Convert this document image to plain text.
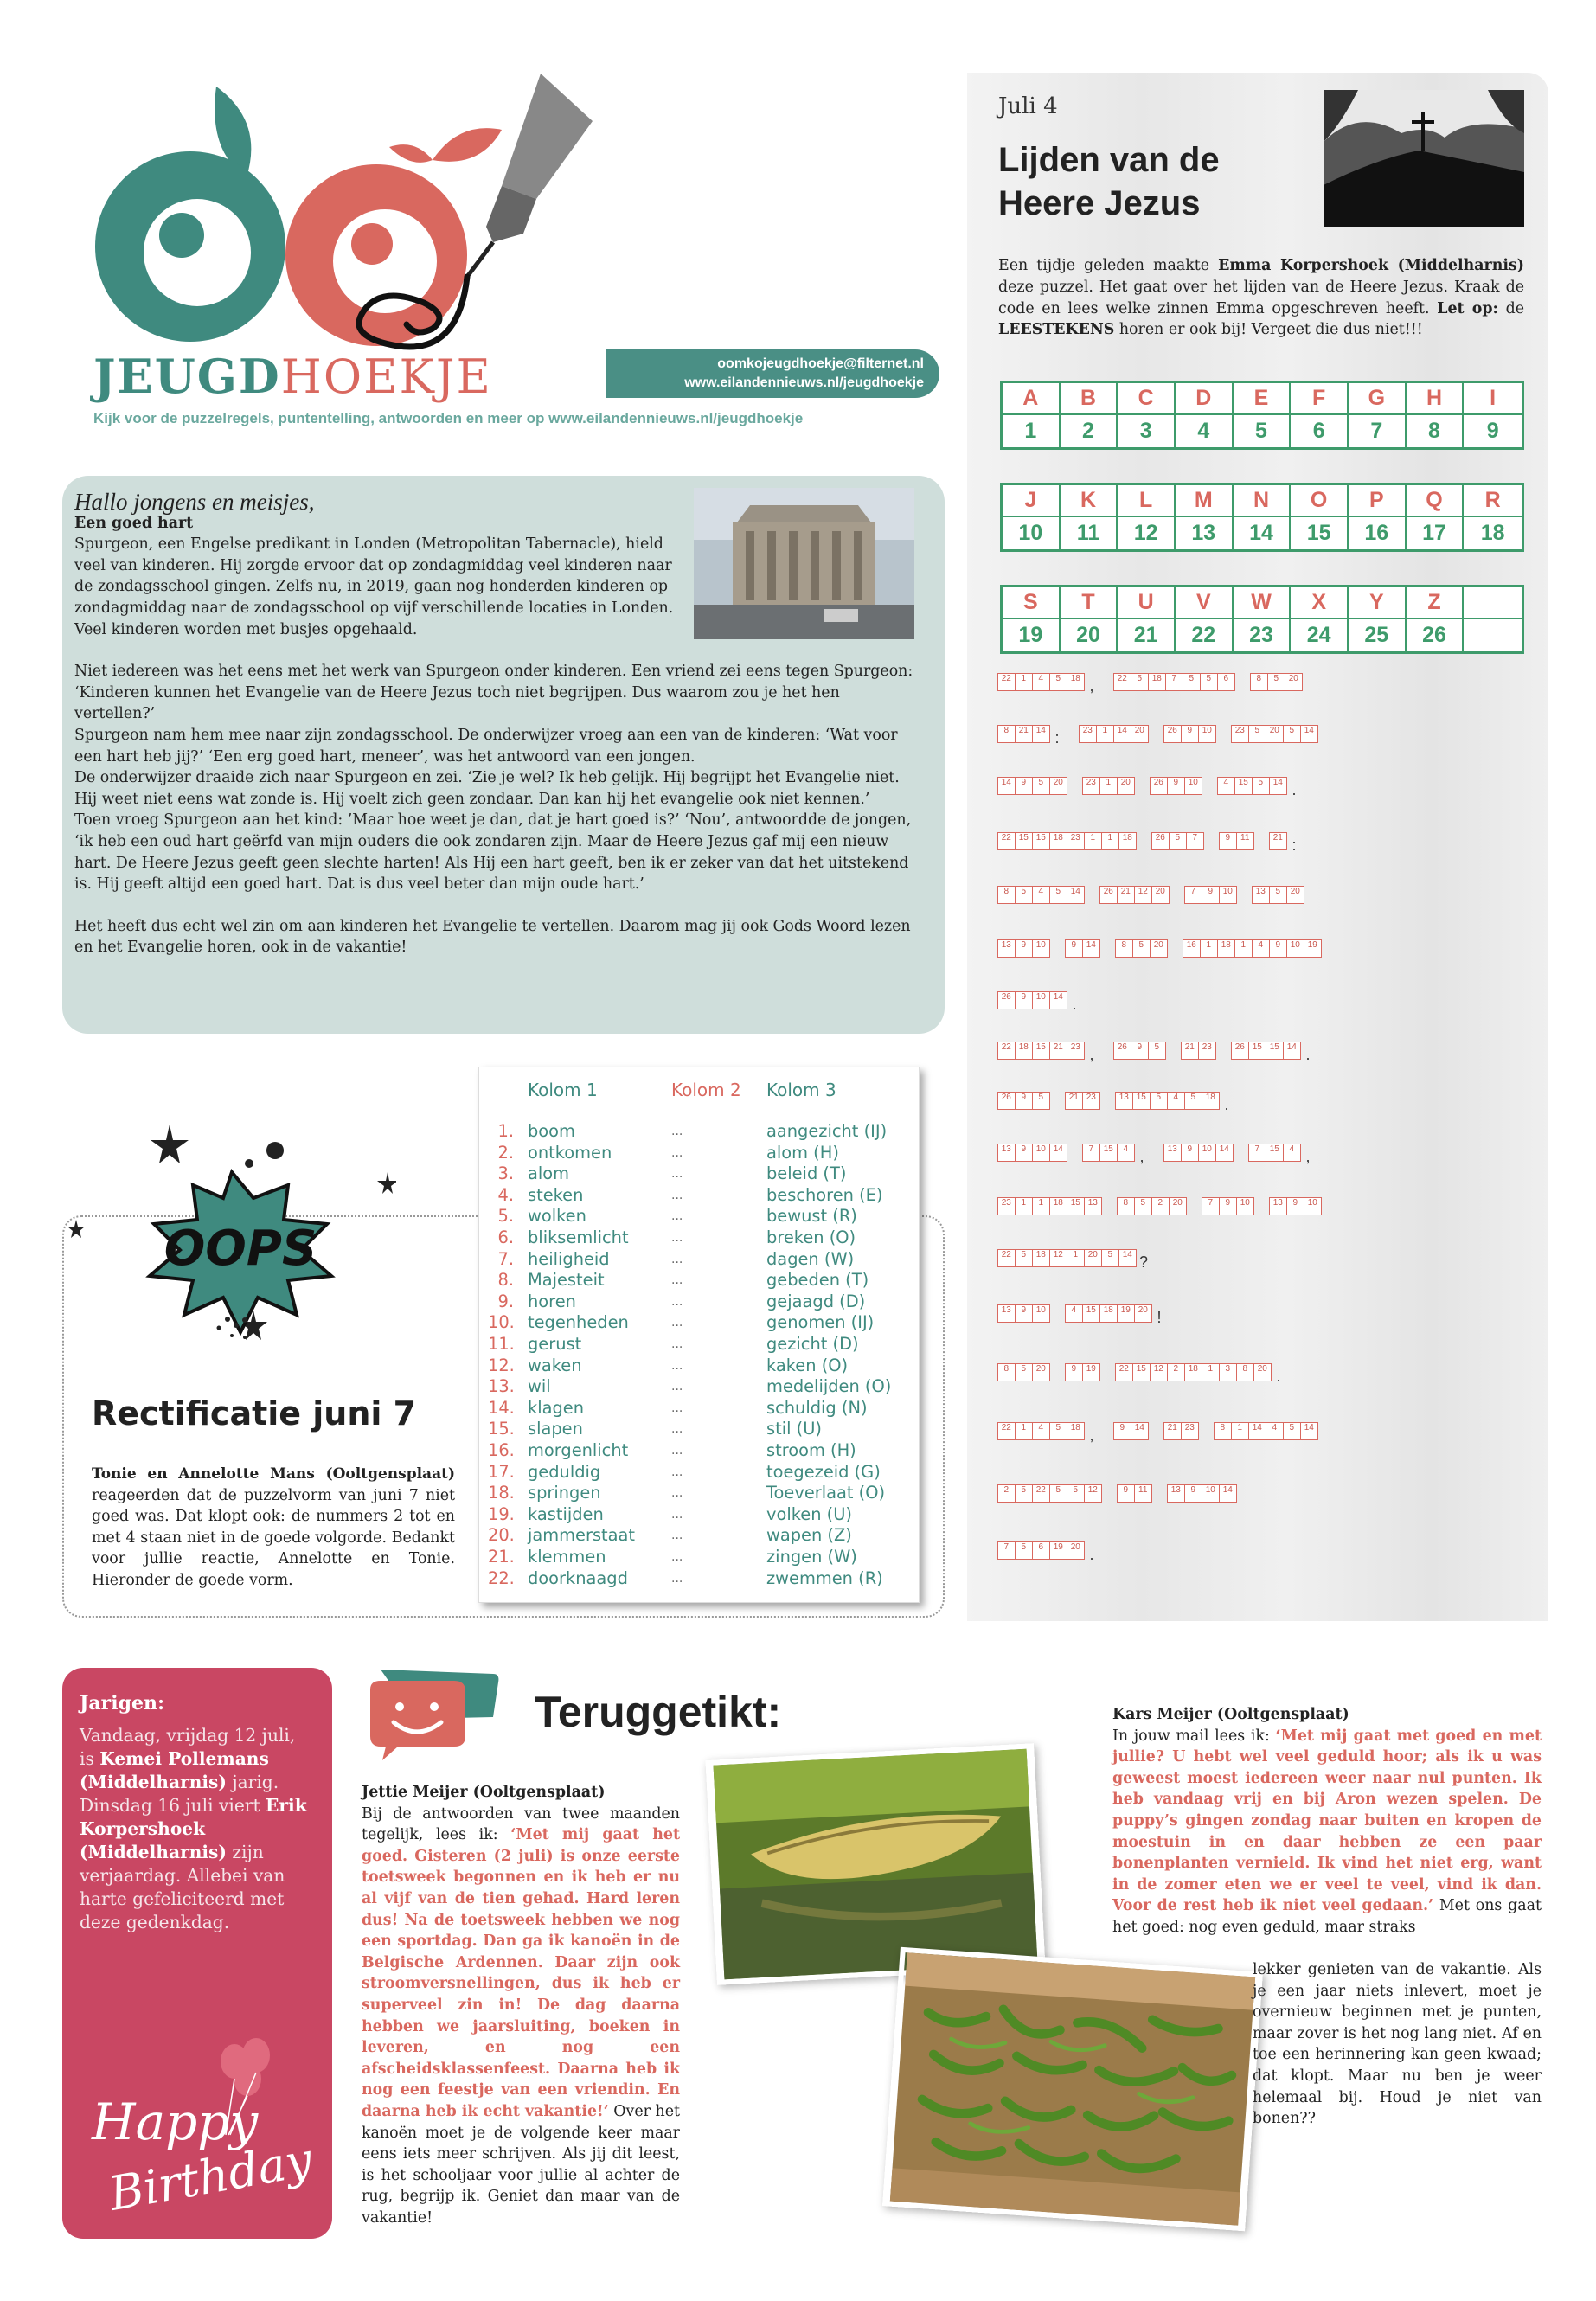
JEUGDHOEKJE	oomkojeugdhoekje@filternet.nl
www.eilandennieuws.nl/jeugdhoekje
Kijk voor de puzzelregels, puntentelling, antwoorden en meer op www.eilandennieuws.nl/jeugdhoekje

Hallo jongens en meisjes,

Een goed hart

Spurgeon, een Engelse predikant in Londen (Metropolitan Tabernacle), hield veel van kinderen. Hij zorgde ervoor dat op zondagmiddag veel kinderen naar de zondagsschool gingen. Zelfs nu, in 2019, gaan nog honderden kinderen op zondagmiddag naar de zondagsschool op vijf verschillende locaties in Londen. Veel kinderen worden met busjes opgehaald.

Niet iedereen was het eens met het werk van Spurgeon onder kinderen. Een vriend zei eens tegen Spurgeon: ‘Kinderen kunnen het Evangelie van de Heere Jezus toch niet begrijpen. Dus waarom zou je het hen vertellen?’

Spurgeon nam hem mee naar zijn zondagsschool. De onderwijzer vroeg aan een van de kinderen: ‘Wat voor een hart heb jij?’ ‘Een erg goed hart, meneer’, was het antwoord van een jongen.

De onderwijzer draaide zich naar Spurgeon en zei. ‘Zie je wel? Ik heb gelijk. Hij begrijpt het Evangelie niet. Hij weet niet eens wat zonde is. Hij voelt zich geen zondaar. Dan kan hij het evangelie ook niet kennen.’

Toen vroeg Spurgeon aan het kind: ’Maar hoe weet je dan, dat je hart goed is?’ ‘Nou’, antwoordde de jongen, ‘ik heb een oud hart geërfd van mijn ouders die ook zondaren zijn. Maar de Heere Jezus gaf mij een nieuw hart. De Heere Jezus geeft geen slechte harten! Als Hij een hart geeft, ben ik er zeker van dat het uitstekend is. Hij geeft altijd een goed hart. Dat is dus veel beter dan mijn oude hart.’

Het heeft dus echt wel zin om aan kinderen het Evangelie te vertellen. Daarom mag jij ook Gods Woord lezen en het Evangelie horen, ook in de vakantie!

OOPS
Rectificatie juni 7
Tonie en Annelotte Mans (Ooltgensplaat) reageerden dat de puzzelvorm van juni 7 niet goed was. Dat klopt ook: de nummers 2 tot en met 4 staan niet in de goede volgorde. Bedankt voor jullie reactie, Annelotte en Tonie. Hieronder de goede vorm.
Kolom 1	Kolom 2 Kolom 3
1. boom	...	aangezicht (IJ)
2. ontkomen	...	alom (H)
3. alom	...	beleid (T)
4. steken	...	beschoren (E)
5. wolken	...	bewust (R)
6. bliksemlicht	...	breken (O)
7. heiligheid	...	dagen (W)
8. Majesteit	...	gebeden (T)
9. horen	...	gejaagd (D)
10. tegenheden	...	genomen (IJ)
11. gerust	...	gezicht (D)
12. waken	...	kaken (O)
13. wil	...	medelijden (O)
14. klagen	...	schuldig (N)
15. slapen	...	stil (U)
16. morgenlicht	...	stroom (H)
17. geduldig	...	toegezeid (G)
18. springen	...	Toeverlaat (O)
19. kastijden	...	volken (U)
20. jammerstaat	...	wapen (Z)
21. klemmen	...	zingen (W)
22. doorknaagd	...	zwemmen (R)
Juli 4
Lijden van de Heere Jezus
Een tijdje geleden maakte Emma Korpershoek (Middelharnis) deze puzzel. Het gaat over het lijden van de Heere Jezus. Kraak de code en lees welke zinnen Emma opgeschreven heeft. Let op: de LEESTEKENS horen er ook bij! Vergeet die dus niet!!!
A	B	C	D	E	F	G	H	I
1	2	3	4	5	6	7	8	9
J	K	L	M	N	O	P	Q	R
10	11	12	13	14	15	16	17	18
S	T	U	V	W	X	Y	Z
19	20	21	22	23	24	25	26
22	1	4	5	18 ,	22	5	18	7	5	5	6	8	5	20
8	21 14 :	23	1	14 20	26	9	10	23	5	20	5	14
14	9	5	20	23	1	20	26	9	10	4	15	5	14 .
22 15 15 18 23	1	1	18	26	5	7	9	11	21 :
8	5	4	5	14	26 21 12 20	7	9	10	13	5	20
13	9	10	9	14	8	5	20	16	1	18	1	4	9	10 19
26	9	10 14 .
22 18 15 21 23 ,	26	9	5	21 23	26 15 15 14 .
26	9	5	21 23	13 15	5	4	5	18 .
13	9	10 14	7	15	4 ,	13	9	10 14	7	15	4 ,
23	1	1	18 15 13	8	5	2	20	7	9	10	13	9	10
22	5	18 12	1	20	5	14 ?
13	9	10	4	15 18 19 20 !
8	5	20	9	19	22 15 12	2	18	1	3	8	20 .
22	1	4	5	18 ,	9	14	21 23	8	1	14	4	5	14
2	5	22	5	5	12	9	11	13	9	10 14
7	5	6	19 20 .
Jarigen:
Vandaag, vrijdag 12 juli, is Kemei Pollemans (Middelharnis) jarig. Dinsdag 16 juli viert Erik Korpershoek (Middelharnis) zijn verjaardag. Allebei van harte gefeliciteerd met deze gedenkdag.
Happy
Birthday
Teruggetikt:
Jettie Meijer (Ooltgensplaat)
Bij de antwoorden van twee maanden tegelijk, lees ik: ‘Met mij gaat het goed. Gisteren (2 juli) is onze eerste toetsweek begonnen en ik heb er nu al vijf van de tien gehad. Hard leren dus! Na de toetsweek hebben we nog een sportdag. Dan ga ik kanoën in de Belgische Ardennen. Daar zijn ook stroomversnellingen, dus ik heb er superveel zin in! De dag daarna hebben we jaarsluiting, boeken in leveren, en nog een afscheidsklassenfeest. Daarna heb ik nog een feestje van een vriendin. En daarna heb ik echt vakantie!’ Over het kanoën moet je de volgende keer maar eens iets meer schrijven. Als jij dit leest, is het schooljaar voor jullie al achter de rug, begrijp ik. Geniet dan maar van de vakantie!
Kars Meijer (Ooltgensplaat)
In jouw mail lees ik: ‘Met mij gaat met goed en met jullie? U hebt wel veel geduld hoor; als ik u was geweest moest iedereen weer naar nul punten. Ik heb vandaag vrij en bij Aron wezen spelen. De puppy’s gingen zondag naar buiten en kropen de moestuin in en daar hebben ze een paar bonenplanten vernield. Ik vind het niet erg, want in de zomer eten we er veel te veel, vind ik dan. Voor de rest heb ik niet veel gedaan.’ Met ons gaat het goed: nog even geduld, maar straks
lekker genieten van de vakantie. Als je een jaar niets inlevert, moet je overnieuw beginnen met je punten, maar zover is het nog lang niet. Af en toe een herinnering kan geen kwaad; dat klopt. Maar nu ben je weer helemaal bij. Houd je niet van bonen??
